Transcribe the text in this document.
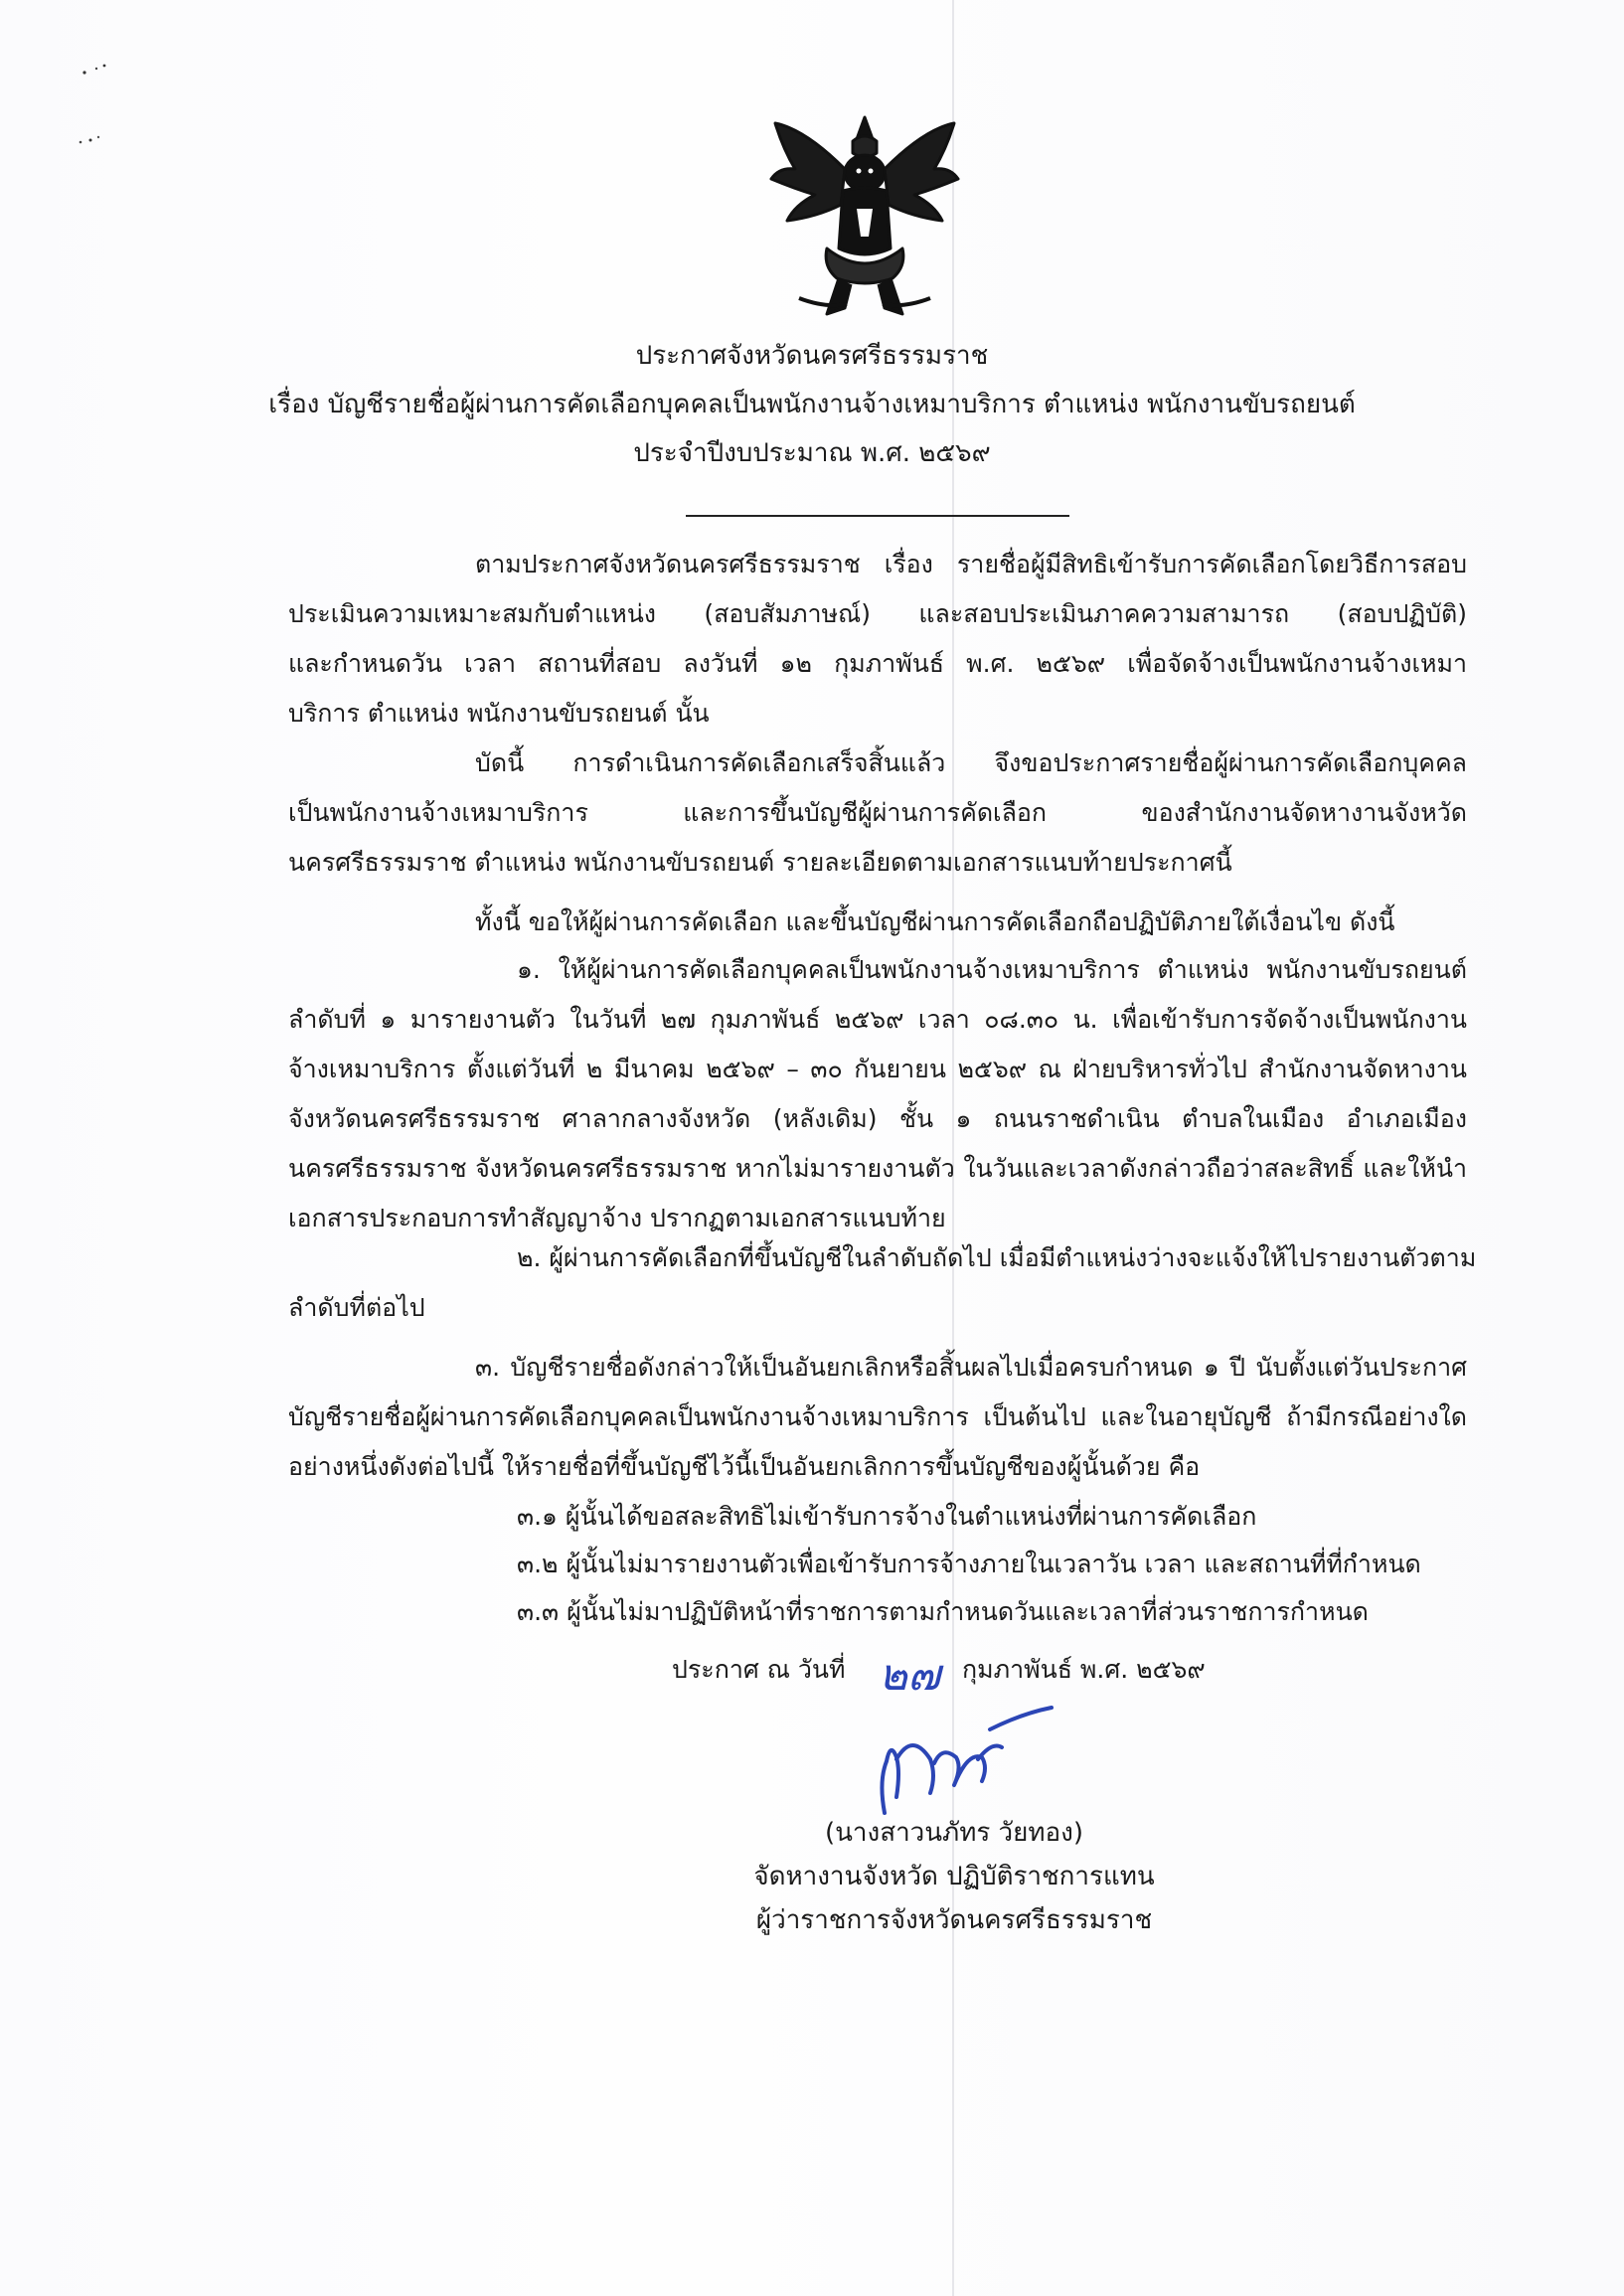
ประกาศจังหวัดนครศรีธรรมราช
เรื่อง บัญชีรายชื่อผู้ผ่านการคัดเลือกบุคคลเป็นพนักงานจ้างเหมาบริการ ตำแหน่ง พนักงานขับรถยนต์
ประจำปีงบประมาณ พ.ศ. ๒๕๖๙
ตามประกาศจังหวัดนครศรีธรรมราช เรื่อง รายชื่อผู้มีสิทธิเข้ารับการคัดเลือกโดยวิธีการสอบ
ประเมินความเหมาะสมกับตำแหน่ง (สอบสัมภาษณ์) และสอบประเมินภาคความสามารถ (สอบปฏิบัติ)
และกำหนดวัน เวลา สถานที่สอบ ลงวันที่ ๑๒ กุมภาพันธ์ พ.ศ. ๒๕๖๙ เพื่อจัดจ้างเป็นพนักงานจ้างเหมา
บริการ ตำแหน่ง พนักงานขับรถยนต์ นั้น
บัดนี้ การดำเนินการคัดเลือกเสร็จสิ้นแล้ว จึงขอประกาศรายชื่อผู้ผ่านการคัดเลือกบุคคล
เป็นพนักงานจ้างเหมาบริการ และการขึ้นบัญชีผู้ผ่านการคัดเลือก ของสำนักงานจัดหางานจังหวัด
นครศรีธรรมราช ตำแหน่ง พนักงานขับรถยนต์ รายละเอียดตามเอกสารแนบท้ายประกาศนี้
ทั้งนี้ ขอให้ผู้ผ่านการคัดเลือก และขึ้นบัญชีผ่านการคัดเลือกถือปฏิบัติภายใต้เงื่อนไข ดังนี้
๑. ให้ผู้ผ่านการคัดเลือกบุคคลเป็นพนักงานจ้างเหมาบริการ ตำแหน่ง พนักงานขับรถยนต์
ลำดับที่ ๑ มารายงานตัว ในวันที่ ๒๗ กุมภาพันธ์ ๒๕๖๙ เวลา ๐๘.๓๐ น. เพื่อเข้ารับการจัดจ้างเป็นพนักงาน
จ้างเหมาบริการ ตั้งแต่วันที่ ๒ มีนาคม ๒๕๖๙ – ๓๐ กันยายน ๒๕๖๙ ณ ฝ่ายบริหารทั่วไป สำนักงานจัดหางาน
จังหวัดนครศรีธรรมราช ศาลากลางจังหวัด (หลังเดิม) ชั้น ๑ ถนนราชดำเนิน ตำบลในเมือง อำเภอเมือง
นครศรีธรรมราช จังหวัดนครศรีธรรมราช หากไม่มารายงานตัว ในวันและเวลาดังกล่าวถือว่าสละสิทธิ์ และให้นำ
เอกสารประกอบการทำสัญญาจ้าง ปรากฏตามเอกสารแนบท้าย
๒. ผู้ผ่านการคัดเลือกที่ขึ้นบัญชีในลำดับถัดไป เมื่อมีตำแหน่งว่างจะแจ้งให้ไปรายงานตัวตาม
ลำดับที่ต่อไป
๓. บัญชีรายชื่อดังกล่าวให้เป็นอันยกเลิกหรือสิ้นผลไปเมื่อครบกำหนด ๑ ปี นับตั้งแต่วันประกาศ
บัญชีรายชื่อผู้ผ่านการคัดเลือกบุคคลเป็นพนักงานจ้างเหมาบริการ เป็นต้นไป และในอายุบัญชี ถ้ามีกรณีอย่างใด
อย่างหนึ่งดังต่อไปนี้ ให้รายชื่อที่ขึ้นบัญชีไว้นี้เป็นอันยกเลิกการขึ้นบัญชีของผู้นั้นด้วย คือ
๓.๑ ผู้นั้นได้ขอสละสิทธิไม่เข้ารับการจ้างในตำแหน่งที่ผ่านการคัดเลือก
๓.๒ ผู้นั้นไม่มารายงานตัวเพื่อเข้ารับการจ้างภายในเวลาวัน เวลา และสถานที่ที่กำหนด
๓.๓ ผู้นั้นไม่มาปฏิบัติหน้าที่ราชการตามกำหนดวันและเวลาที่ส่วนราชการกำหนด
ประกาศ ณ วันที่ ๒๗ กุมภาพันธ์ พ.ศ. ๒๕๖๙
(นางสาวนภัทร วัยทอง)
จัดหางานจังหวัด ปฏิบัติราชการแทน
ผู้ว่าราชการจังหวัดนครศรีธรรมราช
